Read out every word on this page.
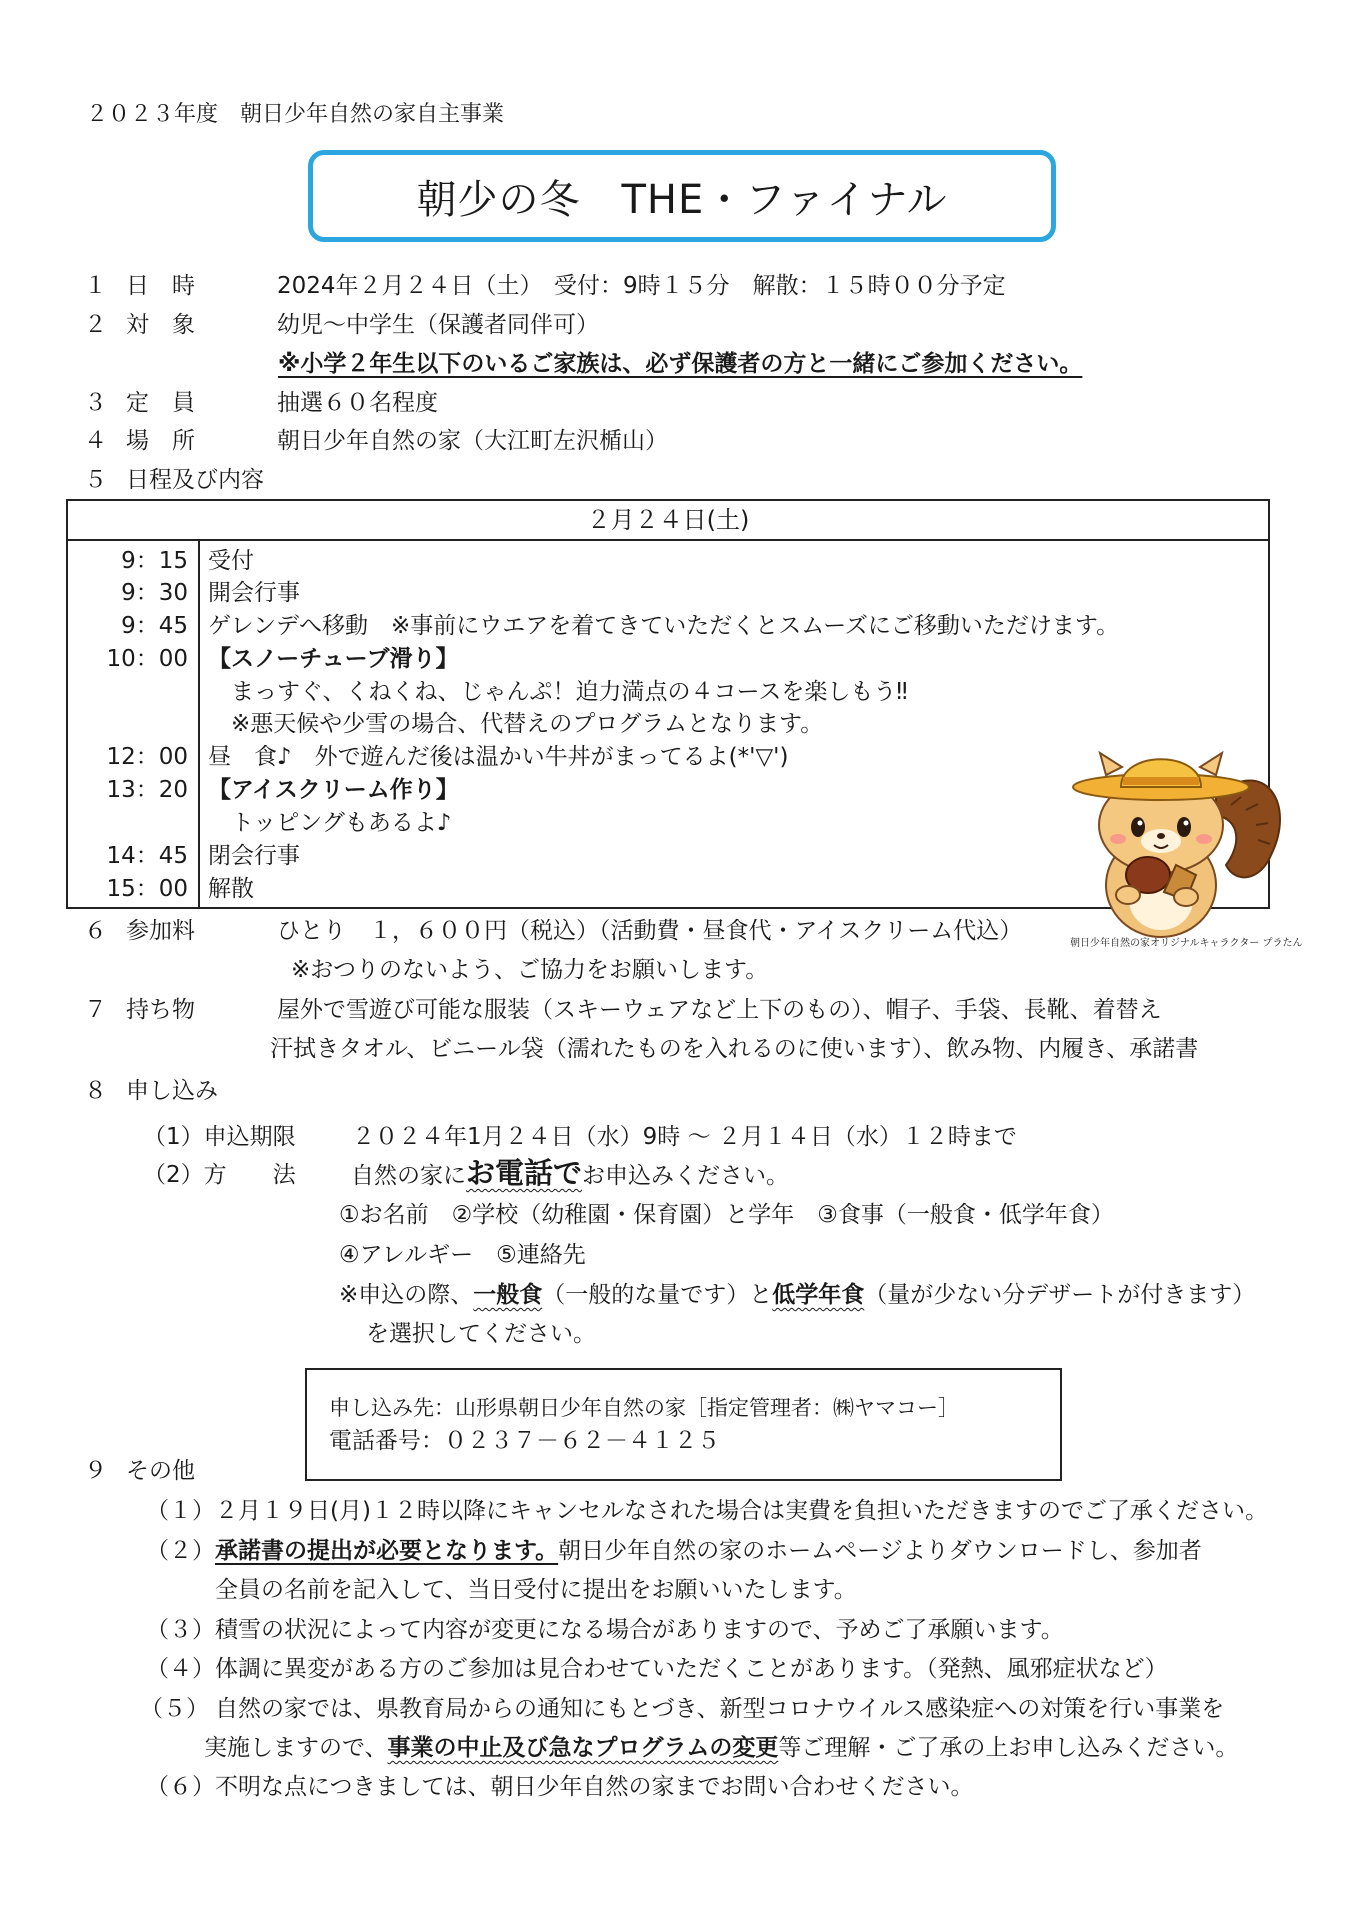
２０２３年度　朝日少年自然の家自主事業
朝少の冬　THE・ファイナル
１ 日　時	2024年２月２４日（土）　受付：9時１５分　解散：１５時００分予定
２ 対　象	幼児～中学生（保護者同伴可）
※小学２年生以下のいるご家族は、必ず保護者の方と一緒にご参加ください。
３ 定　員	抽選６０名程度
４ 場　所	朝日少年自然の家（大江町左沢楯山）
５ 日程及び内容
２月２４日(土)
9：15 受付
9：30 開会行事
9：45 ゲレンデへ移動　※事前にウエアを着てきていただくとスムーズにご移動いただけます。
10：00 【スノーチューブ滑り】
　まっすぐ、くねくね、じゃんぷ！迫力満点の４コースを楽しもう‼
　※悪天候や少雪の場合、代替えのプログラムとなります。
12：00 昼　食♪　外で遊んだ後は温かい牛丼がまってるよ(*'▽')
13：20 【アイスクリーム作り】
　トッピングもあるよ♪
14：45 閉会行事
15：00 解散
朝日少年自然の家オリジナルキャラクター プラたん
６ 参加料	ひとり　１，６００円（税込）（活動費・昼食代・アイスクリーム代込）
※おつりのないよう、ご協力をお願いします。
７ 持ち物	屋外で雪遊び可能な服装（スキーウェアなど上下のもの）、帽子、手袋、長靴、着替え
汗拭きタオル、ビニール袋（濡れたものを入れるのに使います）、飲み物、内履き、承諾書
８ 申し込み
（1）申込期限 ２０２４年1月２４日（水）9時 ～ ２月１４日（水）１２時まで
（2）方　　法 自然の家にお電話でお申込みください。
①お名前　②学校（幼稚園・保育園）と学年　③食事（一般食・低学年食）
④アレルギー　⑤連絡先
※申込の際、一般食（一般的な量です）と低学年食（量が少ない分デザートが付きます）
を選択してください。
申し込み先：山形県朝日少年自然の家［指定管理者：㈱ヤマコー］
電話番号：０２３７－６２－４１２５
９ その他
（１） ２月１９日(月)１２時以降にキャンセルなされた場合は実費を負担いただきますのでご了承ください。
（２） 承諾書の提出が必要となります。朝日少年自然の家のホームページよりダウンロードし、参加者
全員の名前を記入して、当日受付に提出をお願いいたします。
（３） 積雪の状況によって内容が変更になる場合がありますので、予めご了承願います。
（４） 体調に異変がある方のご参加は見合わせていただくことがあります。（発熱、風邪症状など）
（５） 自然の家では、県教育局からの通知にもとづき、新型コロナウイルス感染症への対策を行い事業を
実施しますので、事業の中止及び急なプログラムの変更等ご理解・ご了承の上お申し込みください。
（６） 不明な点につきましては、朝日少年自然の家までお問い合わせください。
